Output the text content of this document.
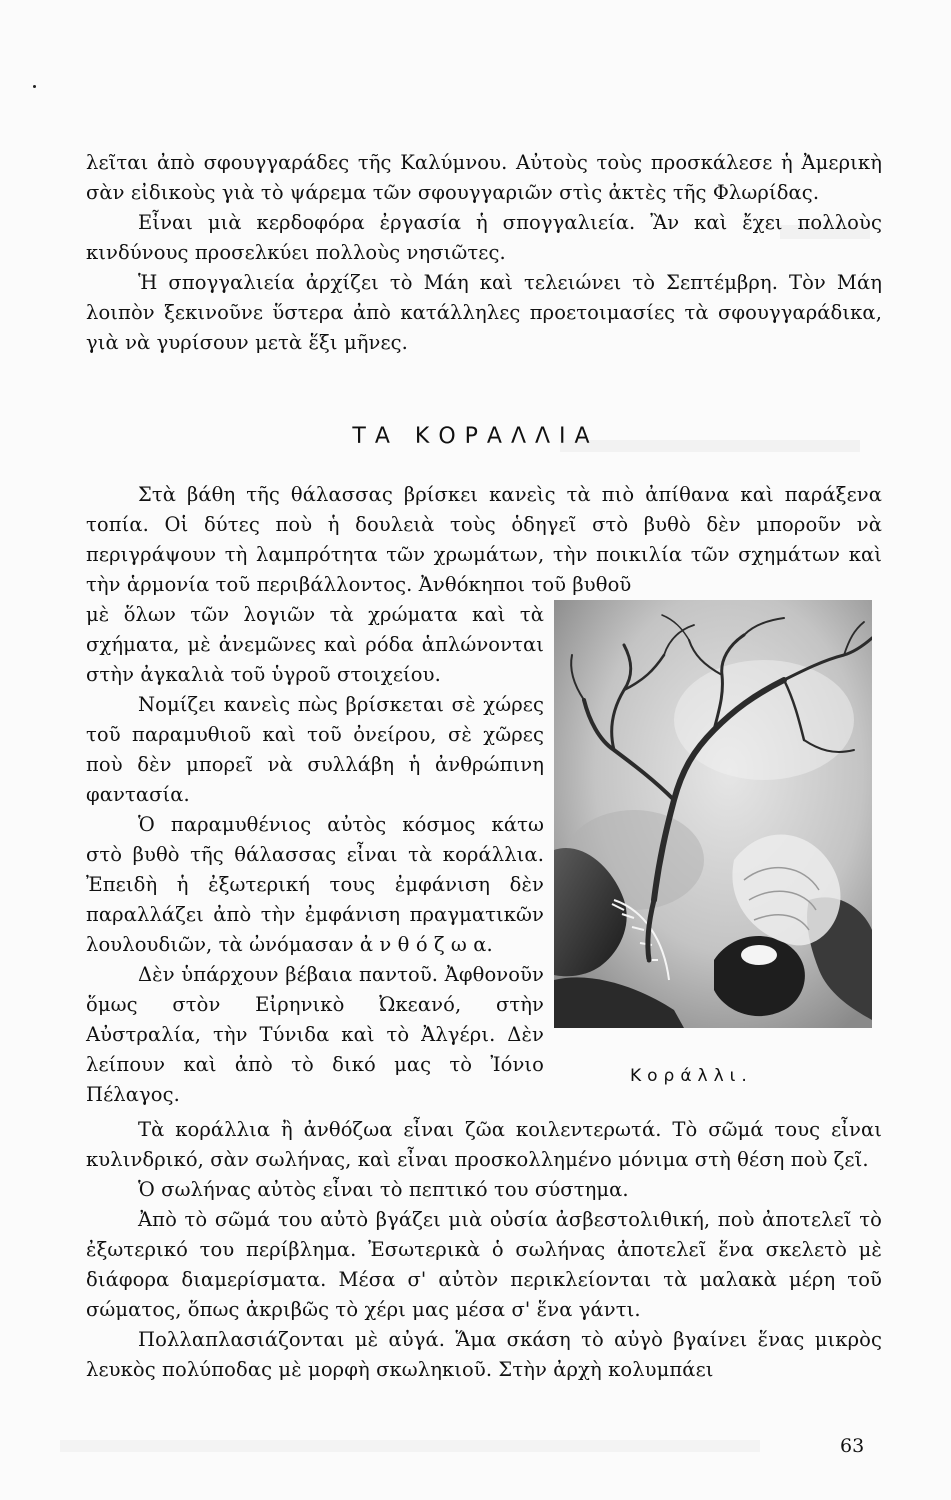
λεῖται ἀπὸ σφουγγαράδες τῆς Καλύμνου. Αὐτοὺς τοὺς προσκάλεσε ἡ Ἀμερικὴ σὰν εἰδικοὺς γιὰ τὸ ψάρεμα τῶν σφουγγαριῶν στὶς ἀκτὲς τῆς Φλωρίδας.

Εἶναι μιὰ κερδοφόρα ἐργασία ἡ σπογγαλιεία. Ἂν καὶ ἔχει πολλοὺς κινδύνους προσελκύει πολλοὺς νησιῶτες.

Ἡ σπογγαλιεία ἀρχίζει τὸ Μάη καὶ τελειώνει τὸ Σεπτέμβρη. Τὸν Μάη λοιπὸν ξεκινοῦνε ὕστερα ἀπὸ κατάλληλες προετοιμασίες τὰ σφουγγαράδικα, γιὰ νὰ γυρίσουν μετὰ ἕξι μῆνες.

ΤΑ ΚΟΡΑΛΛΙΑ

Στὰ βάθη τῆς θάλασσας βρίσκει κανεὶς τὰ πιὸ ἀπίθανα καὶ παράξενα τοπία. Οἱ δύτες ποὺ ἡ δουλειὰ τοὺς ὁδηγεῖ στὸ βυθὸ δὲν μποροῦν νὰ περιγράψουν τὴ λαμπρότητα τῶν χρωμάτων, τὴν ποικιλία τῶν σχημάτων καὶ τὴν ἁρμονία τοῦ περιβάλλοντος. Ἀνθόκηποι τοῦ βυθοῦ

μὲ ὅλων τῶν λογιῶν τὰ χρώματα καὶ τὰ σχήματα, μὲ ἀνεμῶνες καὶ ρόδα ἁπλώνονται στὴν ἀγκαλιὰ τοῦ ὑγροῦ στοιχείου.

Νομίζει κανεὶς πὼς βρίσκεται σὲ χώρες τοῦ παραμυθιοῦ καὶ τοῦ ὀνείρου, σὲ χῶρες ποὺ δὲν μπορεῖ νὰ συλλάβη ἡ ἀνθρώπινη φαντασία.

Ὁ παραμυθένιος αὐτὸς κόσμος κάτω στὸ βυθὸ τῆς θάλασσας εἶναι τὰ κοράλλια. Ἐπειδὴ ἡ ἐξωτερική τους ἐμφάνιση δὲν παραλλάζει ἀπὸ τὴν ἐμφάνιση πραγματικῶν λουλουδιῶν, τὰ ὠνόμασαν ἀ ν θ ό ζ ω α.

Δὲν ὑπάρχουν βέβαια παντοῦ. Ἀφθονοῦν ὅμως στὸν Εἰρηνικὸ Ὠκεανό, στὴν Αὐστραλία, τὴν Τύνιδα καὶ τὸ Ἀλγέρι. Δὲν λείπουν καὶ ἀπὸ τὸ δικό μας τὸ Ἰόνιο Πέλαγος.

Κοράλλι.

Τὰ κοράλλια ἢ ἀνθόζωα εἶναι ζῶα κοιλεντερωτά. Τὸ σῶμά τους εἶναι κυλινδρικό, σὰν σωλήνας, καὶ εἶναι προσκολλημένο μόνιμα στὴ θέση ποὺ ζεῖ.

Ὁ σωλήνας αὐτὸς εἶναι τὸ πεπτικό του σύστημα.

Ἀπὸ τὸ σῶμά του αὐτὸ βγάζει μιὰ οὐσία ἀσβεστολιθική, ποὺ ἀποτελεῖ τὸ ἐξωτερικό του περίβλημα. Ἐσωτερικὰ ὁ σωλήνας ἀποτελεῖ ἕνα σκελετὸ μὲ διάφορα διαμερίσματα. Μέσα σ' αὐτὸν περικλείονται τὰ μαλακὰ μέρη τοῦ σώματος, ὅπως ἀκριβῶς τὸ χέρι μας μέσα σ' ἕνα γάντι.

Πολλαπλασιάζονται μὲ αὐγά. Ἅμα σκάση τὸ αὐγὸ βγαίνει ἕνας μικρὸς λευκὸς πολύποδας μὲ μορφὴ σκωληκιοῦ. Στὴν ἀρχὴ κολυμπάει

63
